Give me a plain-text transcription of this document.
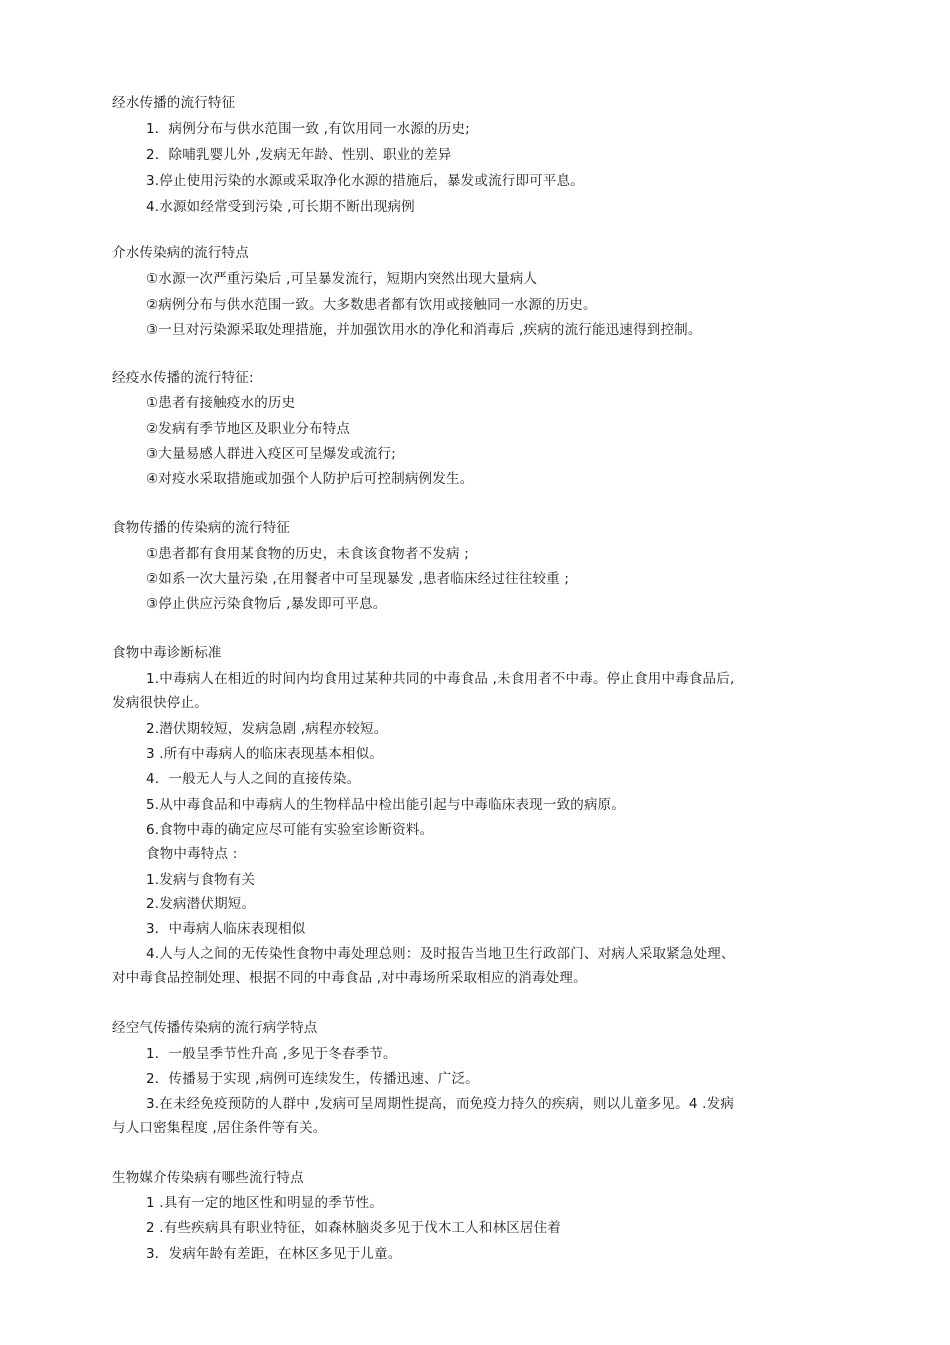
经水传播的流行特征
1．病例分布与供水范围一致 ,有饮用同一水源的历史;
2．除哺乳婴儿外 ,发病无年龄、性别、职业的差异
3.停止使用污染的水源或采取净化水源的措施后，暴发或流行即可平息。
4.水源如经常受到污染 ,可长期不断出现病例
介水传染病的流行特点
①水源一次严重污染后 ,可呈暴发流行，短期内突然出现大量病人
②病例分布与供水范围一致。大多数患者都有饮用或接触同一水源的历史。
③一旦对污染源采取处理措施，并加强饮用水的净化和消毒后 ,疾病的流行能迅速得到控制。
经疫水传播的流行特征:
①患者有接触疫水的历史
②发病有季节地区及职业分布特点
③大量易感人群进入疫区可呈爆发或流行;
④对疫水采取措施或加强个人防护后可控制病例发生。
食物传播的传染病的流行特征
①患者都有食用某食物的历史，未食该食物者不发病 ;
②如系一次大量污染 ,在用餐者中可呈现暴发 ,患者临床经过往往较重 ;
③停止供应污染食物后 ,暴发即可平息。
食物中毒诊断标准
1.中毒病人在相近的时间内均食用过某种共同的中毒食品 ,未食用者不中毒。停止食用中毒食品后,
发病很快停止。
2.潜伏期较短，发病急剧 ,病程亦较短。
3 .所有中毒病人的临床表现基本相似。
4．一般无人与人之间的直接传染。
5.从中毒食品和中毒病人的生物样品中检出能引起与中毒临床表现一致的病原。
6.食物中毒的确定应尽可能有实验室诊断资料。
食物中毒特点 :
1.发病与食物有关
2.发病潜伏期短。
3．中毒病人临床表现相似
4.人与人之间的无传染性食物中毒处理总则：及时报告当地卫生行政部门、对病人采取紧急处理、
对中毒食品控制处理、根据不同的中毒食品 ,对中毒场所采取相应的消毒处理。
经空气传播传染病的流行病学特点
1．一般呈季节性升高 ,多见于冬春季节。
2．传播易于实现 ,病例可连续发生，传播迅速、广泛。
3.在未经免疫预防的人群中 ,发病可呈周期性提高，而免疫力持久的疾病，则以儿童多见。4 .发病
与人口密集程度 ,居住条件等有关。
生物媒介传染病有哪些流行特点
1 .具有一定的地区性和明显的季节性。
2 .有些疾病具有职业特征，如森林脑炎多见于伐木工人和林区居住着
3．发病年龄有差距，在林区多见于儿童。
